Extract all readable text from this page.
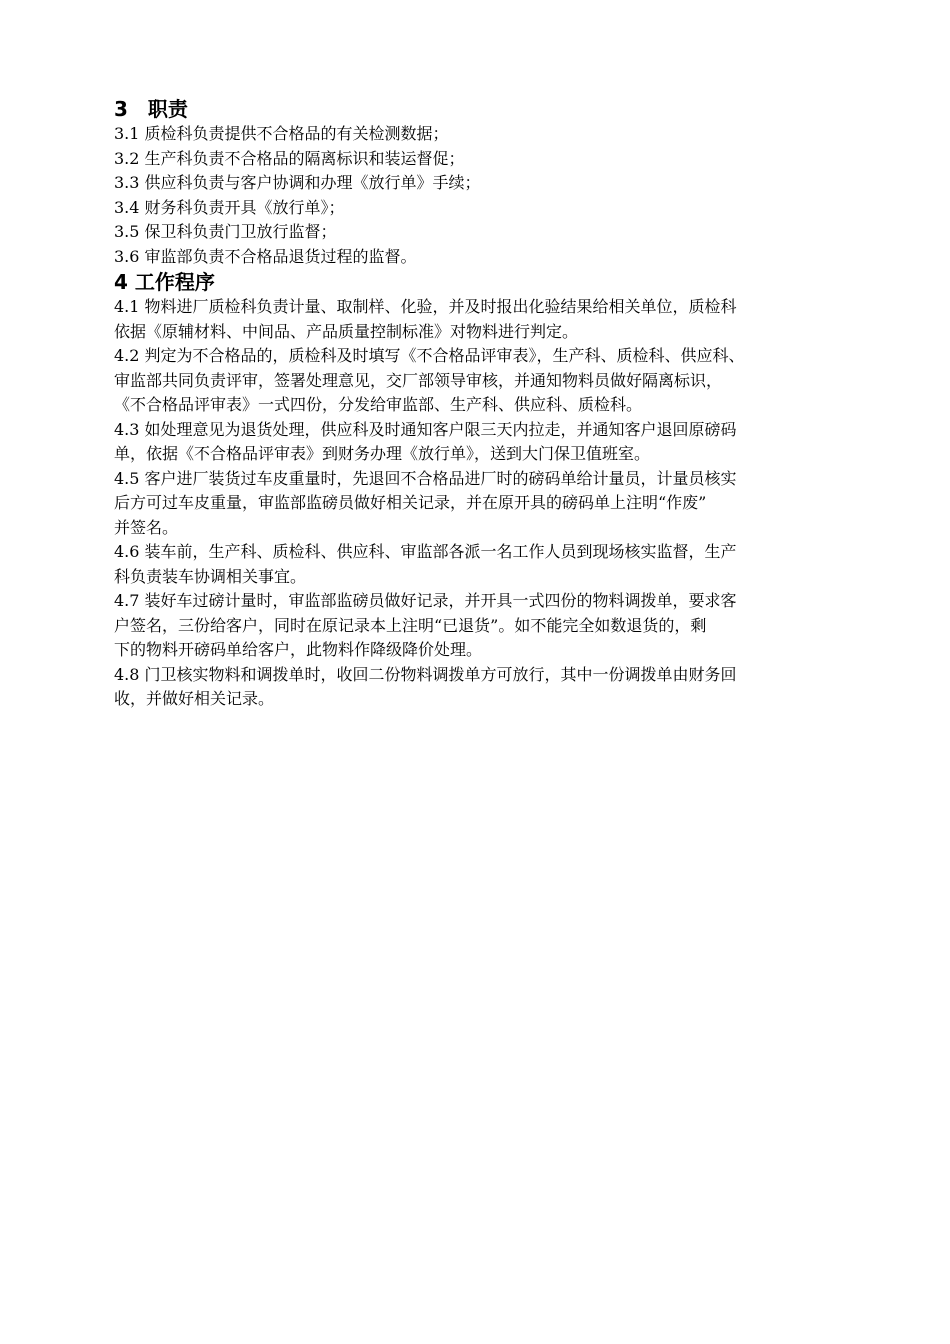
3　职责

3.1 质检科负责提供不合格品的有关检测数据；

3.2 生产科负责不合格品的隔离标识和装运督促；

3.3 供应科负责与客户协调和办理《放行单》手续；

3.4 财务科负责开具《放行单》；

3.5 保卫科负责门卫放行监督；

3.6 审监部负责不合格品退货过程的监督。

4 工作程序

4.1 物料进厂质检科负责计量、取制样、化验，并及时报出化验结果给相关单位，质检科

依据《原辅材料、中间品、产品质量控制标准》对物料进行判定。

4.2 判定为不合格品的，质检科及时填写《不合格品评审表》，生产科、质检科、供应科、

审监部共同负责评审，签署处理意见，交厂部领导审核，并通知物料员做好隔离标识，

《不合格品评审表》一式四份，分发给审监部、生产科、供应科、质检科。

4.3 如处理意见为退货处理，供应科及时通知客户限三天内拉走，并通知客户退回原磅码

单，依据《不合格品评审表》到财务办理《放行单》，送到大门保卫值班室。

4.5 客户进厂装货过车皮重量时，先退回不合格品进厂时的磅码单给计量员，计量员核实

后方可过车皮重量，审监部监磅员做好相关记录，并在原开具的磅码单上注明“作废”

并签名。

4.6 装车前，生产科、质检科、供应科、审监部各派一名工作人员到现场核实监督，生产

科负责装车协调相关事宜。

4.7 装好车过磅计量时，审监部监磅员做好记录，并开具一式四份的物料调拨单，要求客

户签名，三份给客户，同时在原记录本上注明“已退货”。如不能完全如数退货的，剩

下的物料开磅码单给客户，此物料作降级降价处理。

4.8 门卫核实物料和调拨单时，收回二份物料调拨单方可放行，其中一份调拨单由财务回

收，并做好相关记录。
